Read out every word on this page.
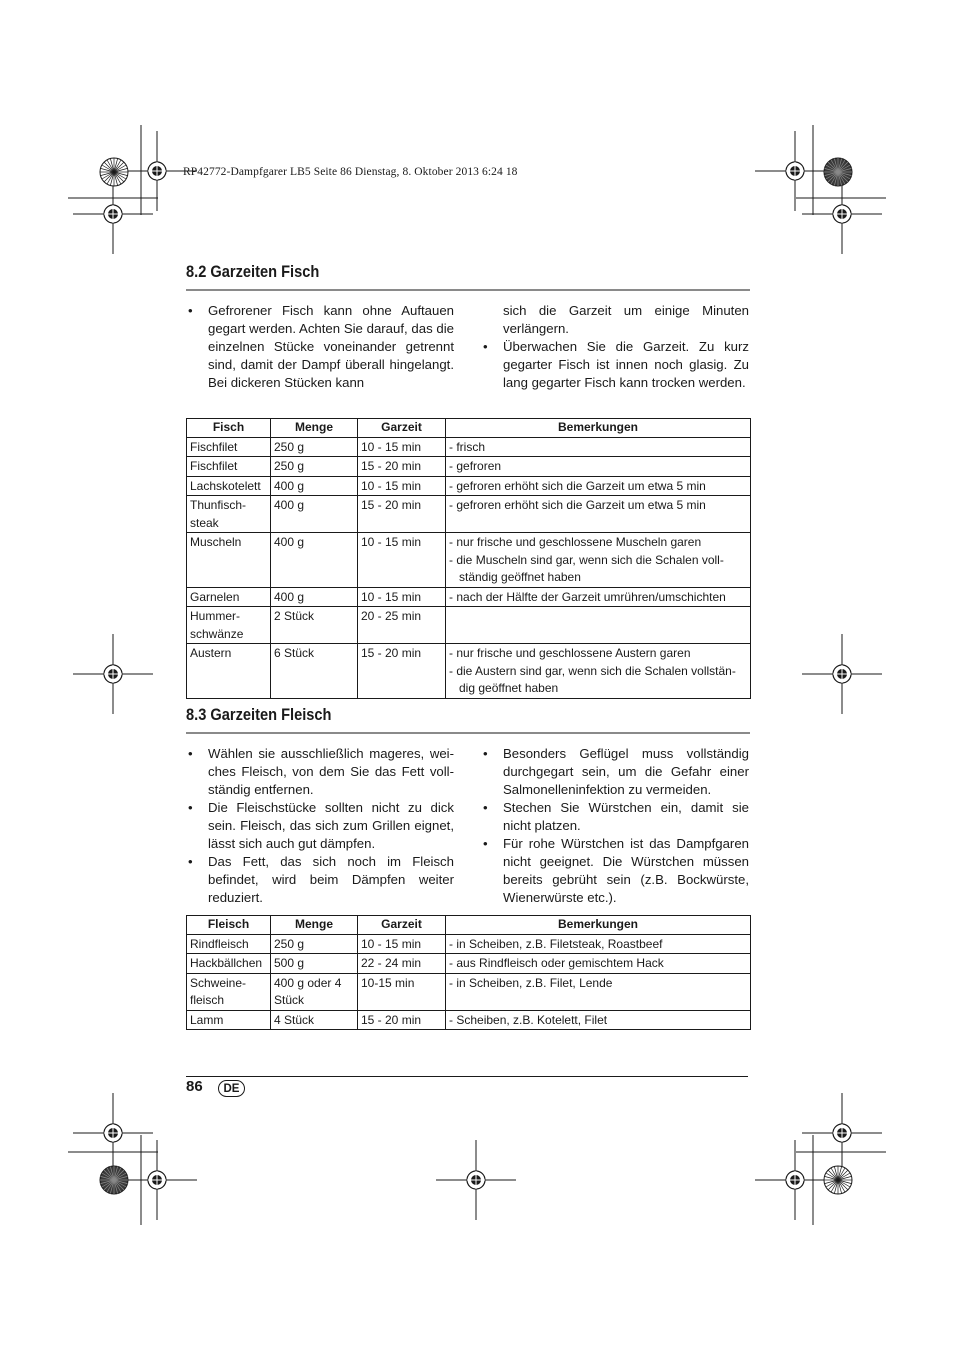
RP42772-Dampfgarer LB5 Seite 86 Dienstag, 8. Oktober 2013 6:24 18
8.2 Garzeiten Fisch
• Gefrorener Fisch kann ohne Auftauen gegart werden. Achten Sie darauf, das die einzelnen Stücke voneinander getrennt sind, damit der Dampf überall hingelangt. Bei dickeren Stücken kann

sich die Garzeit um einige Minuten verlängern.

• Überwachen Sie die Garzeit. Zu kurz gegarter Fisch ist innen noch glasig. Zu lang gegarter Fisch kann trocken werden.
Fisch	Menge	Garzeit	Bemerkungen
Fischfilet	250 g	10 - 15 min	- frisch

Fischfilet	250 g	15 - 20 min	- gefroren

Lachskotelett	400 g	10 - 15 min	- gefroren erhöht sich die Garzeit um etwa 5 min

Thunfisch-steak	400 g	15 - 20 min	- gefroren erhöht sich die Garzeit um etwa 5 min

Muscheln	400 g	10 - 15 min	- nur frische und geschlossene Muscheln garen
- die Muscheln sind gar, wenn sich die Schalen voll-ständig geöffnet haben

Garnelen	400 g	10 - 15 min	- nach der Hälfte der Garzeit umrühren/umschichten

Hummer-schwänze	2 Stück	20 - 25 min	
Austern	6 Stück	15 - 20 min	- nur frische und geschlossene Austern garen
- die Austern sind gar, wenn sich die Schalen vollstän-dig geöffnet haben
8.3 Garzeiten Fleisch
• Wählen sie ausschließlich mageres, wei-ches Fleisch, von dem Sie das Fett voll-ständig entfernen.
• Die Fleischstücke sollten nicht zu dick sein. Fleisch, das sich zum Grillen eignet, lässt sich auch gut dämpfen.
• Das Fett, das sich noch im Fleisch befindet, wird beim Dämpfen weiter reduziert.
• Besonders Geflügel muss vollständig durchgegart sein, um die Gefahr einer Salmonelleninfektion zu vermeiden.
• Stechen Sie Würstchen ein, damit sie nicht platzen.
• Für rohe Würstchen ist das Dampfgaren nicht geeignet. Die Würstchen müssen bereits gebrüht sein (z.B. Bockwürste, Wienerwürste etc.).
Fleisch	Menge	Garzeit	Bemerkungen
Rindfleisch	250 g	10 - 15 min	- in Scheiben, z.B. Filetsteak, Roastbeef

Hackbällchen	500 g	22 - 24 min	- aus Rindfleisch oder gemischtem Hack

Schweine-fleisch	400 g oder 4 Stück	10-15 min	- in Scheiben, z.B. Filet, Lende

Lamm	4 Stück	15 - 20 min	- Scheiben, z.B. Kotelett, Filet
86	DE
